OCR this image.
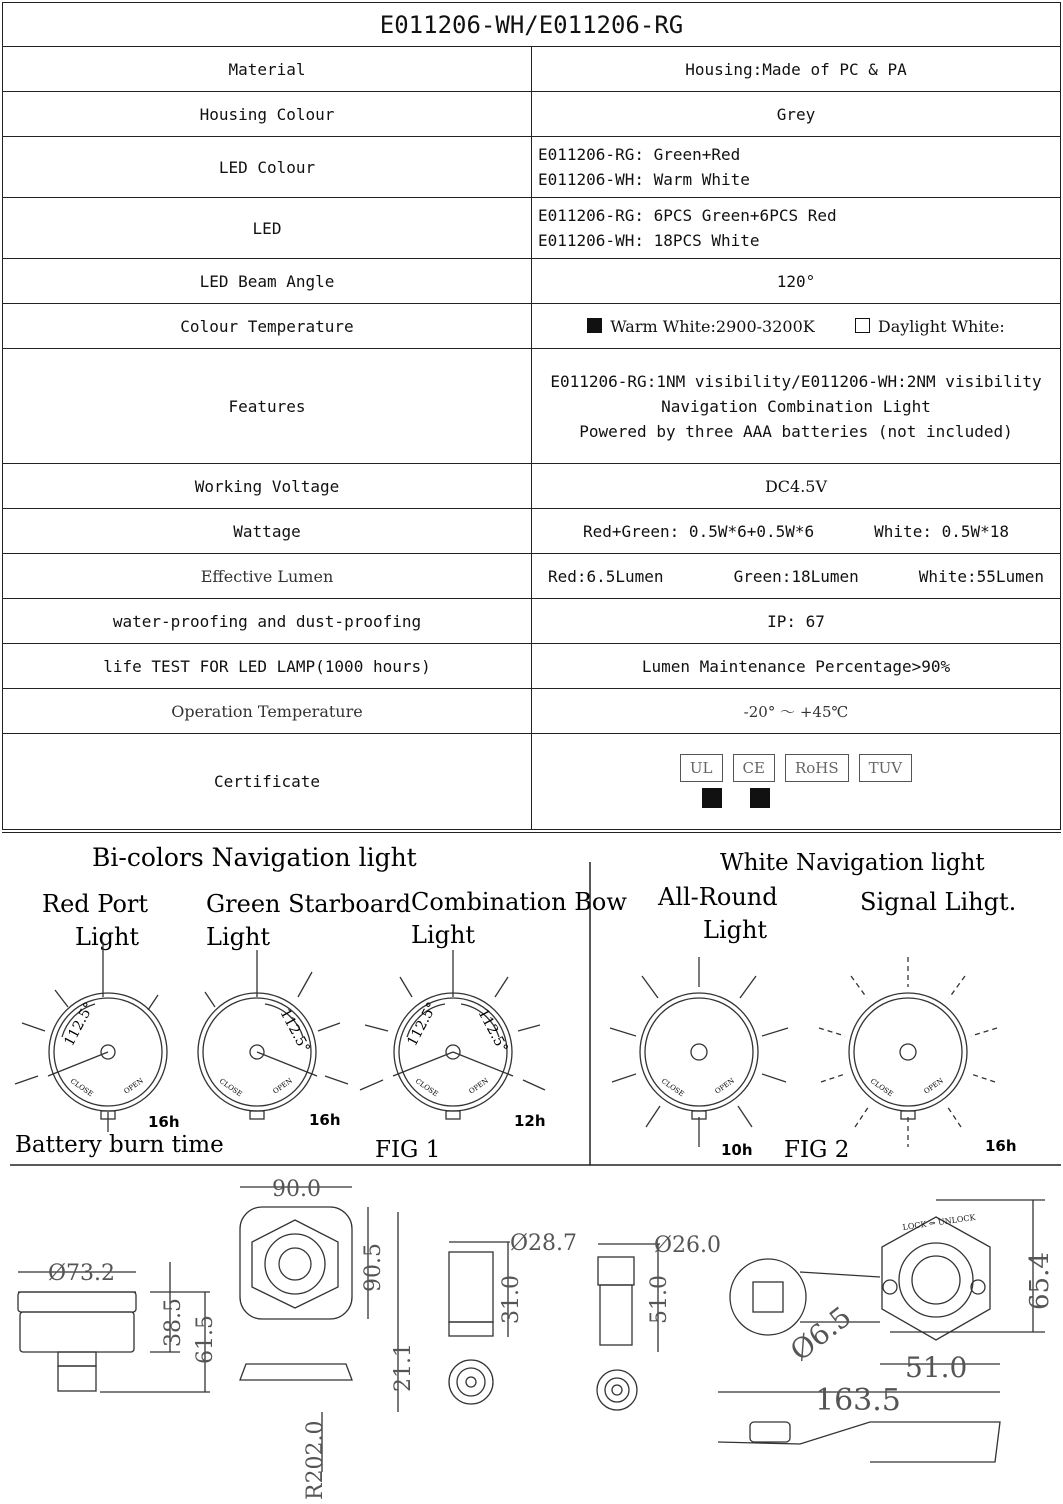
E011206-WH/E011206-RG	
Material	Housing:Made of PC & PA
Housing Colour	Grey
LED Colour	E011206-RG: Green+Red
E011206-WH: Warm White

LED	E011206-RG: 6PCS Green+6PCS Red
E011206-WH: 18PCS White

LED Beam Angle	120°
Colour Temperature	Warm White:2900-3200K Daylight White:
Features	E011206-RG:1NM visibility/E011206-WH:2NM visibility
Navigation Combination Light
Powered by three AAA batteries (not included)

Working Voltage	DC4.5V
Wattage	Red+Green: 0.5W*6+0.5W*6 White: 0.5W*18
Effective Lumen	Red:6.5Lumen Green:18Lumen White:55Lumen
water-proofing and dust-proofing	IP: 67
life TEST FOR LED LAMP(1000 hours)	Lumen Maintenance Percentage>90%
Operation Temperature	-20° ～ +45℃
Certificate	UL CE RoHS TUV
Bi-colors Navigation light	White Navigation light
Red Port
Light
Green Starboard
Light
Combination Bow
Light
All-Round
Light
Signal Lihgt.
112.5°	112.5°	112.5° 112.5°
CLOSE	OPEN	CLOSE	OPEN	CLOSE	OPEN	CLOSE	OPEN	CLOSE	OPEN
16h	16h	12h
10h	16h
Battery burn time	FIG 1	FIG 2
Ø73.2
38.5 61.5
90.0
90.5
21.1
R202.0
Ø28.7
31.0
Ø26.0
51.0	65.4
51.0
Ø6.5
163.5
LOCK ⇔ UNLOCK
